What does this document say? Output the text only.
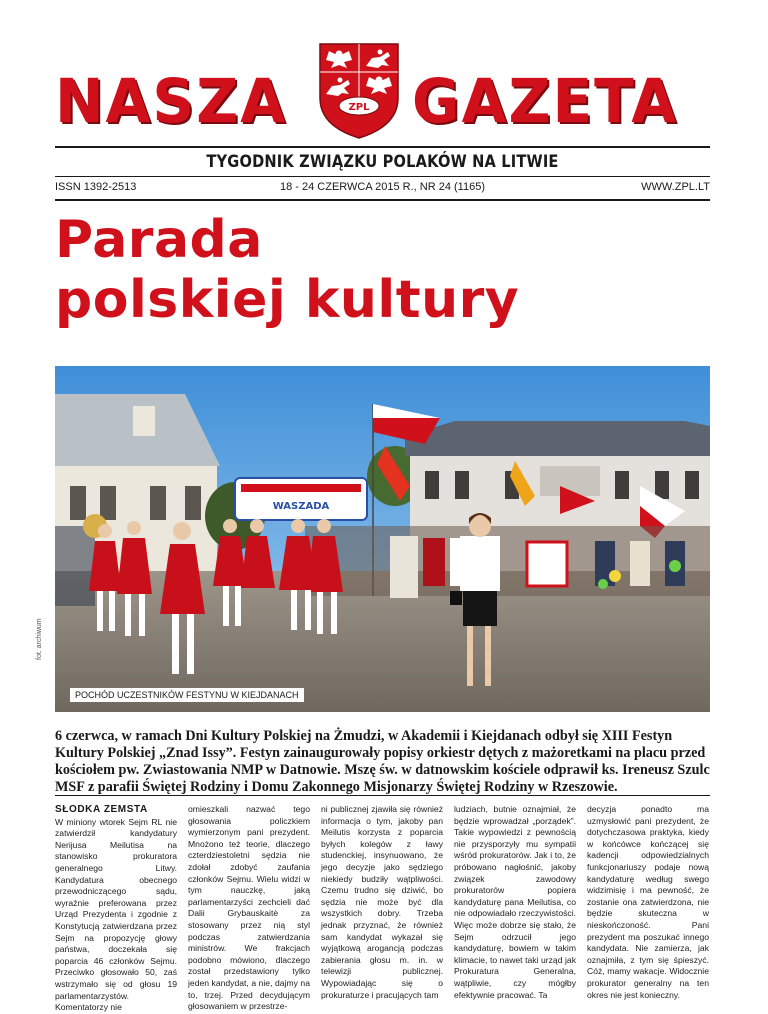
NASZA	ZPL GAZETA
TYGODNIK ZWIĄZKU POLAKÓW NA LITWIE
ISSN 1392-2513	18 - 24 CZERWCA 2015 R., NR 24 (1165)	WWW.ZPL.LT
Parada
polskiej kultury
fot. archiwum
WASZADA
POCHÓD UCZESTNIKÓW FESTYNU W KIEJDANACH

6 czerwca, w ramach Dni Kultury Polskiej na Żmudzi, w Akademii i Kiejdanach odbył się XIII Festyn Kultury Polskiej „Znad Issy”. Festyn zainaugurowały popisy orkiestr dętych z mażoretkami na placu przed kościołem pw. Zwiastowania NMP w Datnowie. Mszę św. w datnowskim kościele odprawił ks. Ireneusz Szulc MSF z parafii Świętej Rodziny i Domu Zakonnego Misjonarzy Świętej Rodziny w Rzeszowie.

SŁODKA ZEMSTA
W miniony wtorek Sejm RL nie zatwierdził kandydatury Nerijusa Meilutisa na stanowisko prokuratora generalnego Litwy. Kandydatura obecnego przewodniczącego sądu, wyraźnie preferowana przez Urząd Prezydenta i zgodnie z Konstytucją zatwierdzana przez Sejm na propozycję głowy państwa, doczekała się poparcia 46 członków Sejmu. Przeciwko głosowało 50, zaś wstrzymało się od głosu 19 parlamentarzystów. Komentatorzy nie
omieszkali nazwać tego głosowania policzkiem wymierzonym pani prezydent. Mnożono też teorie, dlaczego czterdziestoletni sędzia nie zdołał zdobyć zaufania członków Sejmu. Wielu widzi w tym nauczkę, jaką parlamentarzyści zechcieli dać Dalii Grybauskaitė za stosowany przez nią styl podczas zatwierdzania ministrów. We frakcjach podobno mówiono, dlaczego został przedstawiony tylko jeden kandydat, a nie, dajmy na to, trzej. Przed decydującym głosowaniem w przestrze-
ni publicznej zjawiła się również informacja o tym, jakoby pan Meilutis korzysta z poparcia byłych kolegów z ławy studenckiej, insynuowano, że jego decyzje jako sędziego niekiedy budziły wątpliwości. Czemu trudno się dziwić, bo sędzia nie może być dla wszystkich dobry. Trzeba jednak przyznać, że również sam kandydat wykazał się wyjątkową arogancją podczas zabierania głosu m. in. w telewizji publicznej. Wypowiadając się o prokuraturze i pracujących tam
ludziach, butnie oznajmiał, że będzie wprowadzał „porządek”. Takie wypowiedzi z pewnością nie przysporzyły mu sympatii wśród prokuratorów. Jak i to, że próbowano nagłośnić, jakoby związek zawodowy prokuratorów popiera kandydaturę pana Meilutisa, co nie odpowiadało rzeczywistości. Więc może dobrze się stało, że Sejm odrzucił jego kandydaturę, bowiem w takim klimacie, to nawet taki urząd jak Prokuratura Generalna, wątpliwie, czy mógłby efektywnie pracować. Ta
decyzja ponadto ma uzmysłowić pani prezydent, że dotychczasowa praktyka, kiedy w końcówce kończącej się kadencji odpowiedzialnych funkcjonariuszy podaje nową kandydaturę według swego widzimisię i ma pewność, że zostanie ona zatwierdzona, nie będzie skuteczna w nieskończoność. Pani prezydent ma poszukać innego kandydata. Nie zamierza, jak oznajmiła, z tym się śpieszyć. Cóż, mamy wakacje. Widocznie prokurator generalny na ten okres nie jest konieczny.
